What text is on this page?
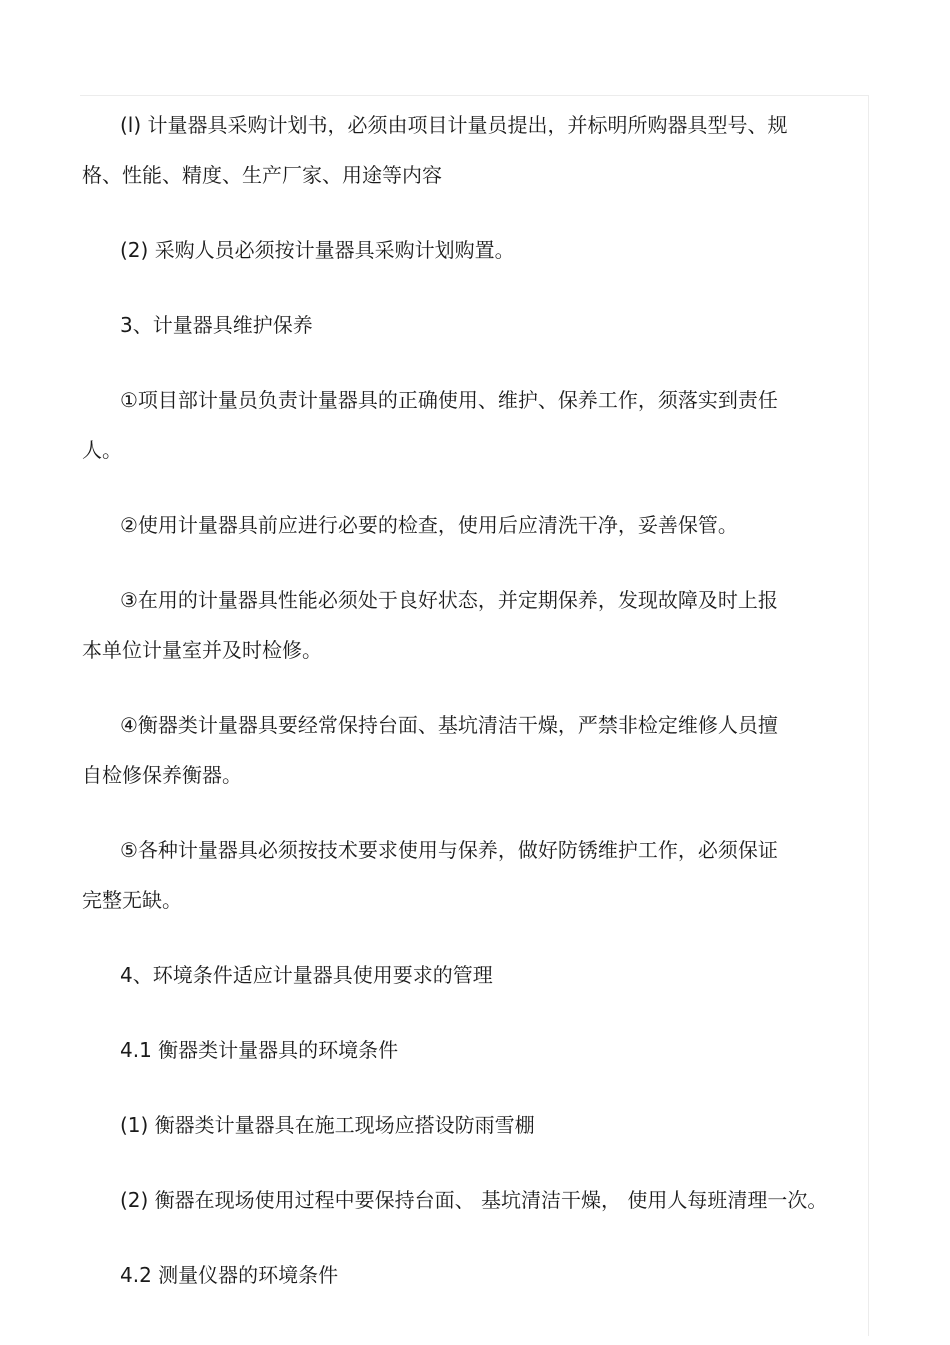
(l) 计量器具采购计划书，必须由项目计量员提出，并标明所购器具型号、规
格、性能、精度、生产厂家、用途等内容

(2) 采购人员必须按计量器具采购计划购置。

3、计量器具维护保养

①项目部计量员负责计量器具的正确使用、维护、保养工作，须落实到责任
人。

②使用计量器具前应进行必要的检查，使用后应清洗干净，妥善保管。

③在用的计量器具性能必须处于良好状态，并定期保养，发现故障及时上报
本单位计量室并及时检修。

④衡器类计量器具要经常保持台面、基坑清洁干燥，严禁非检定维修人员擅
自检修保养衡器。

⑤各种计量器具必须按技术要求使用与保养，做好防锈维护工作，必须保证
完整无缺。

4、环境条件适应计量器具使用要求的管理

4.1 衡器类计量器具的环境条件

(1) 衡器类计量器具在施工现场应搭设防雨雪棚

(2) 衡器在现场使用过程中要保持台面、 基坑清洁干燥， 使用人每班清理一次。

4.2 测量仪器的环境条件
